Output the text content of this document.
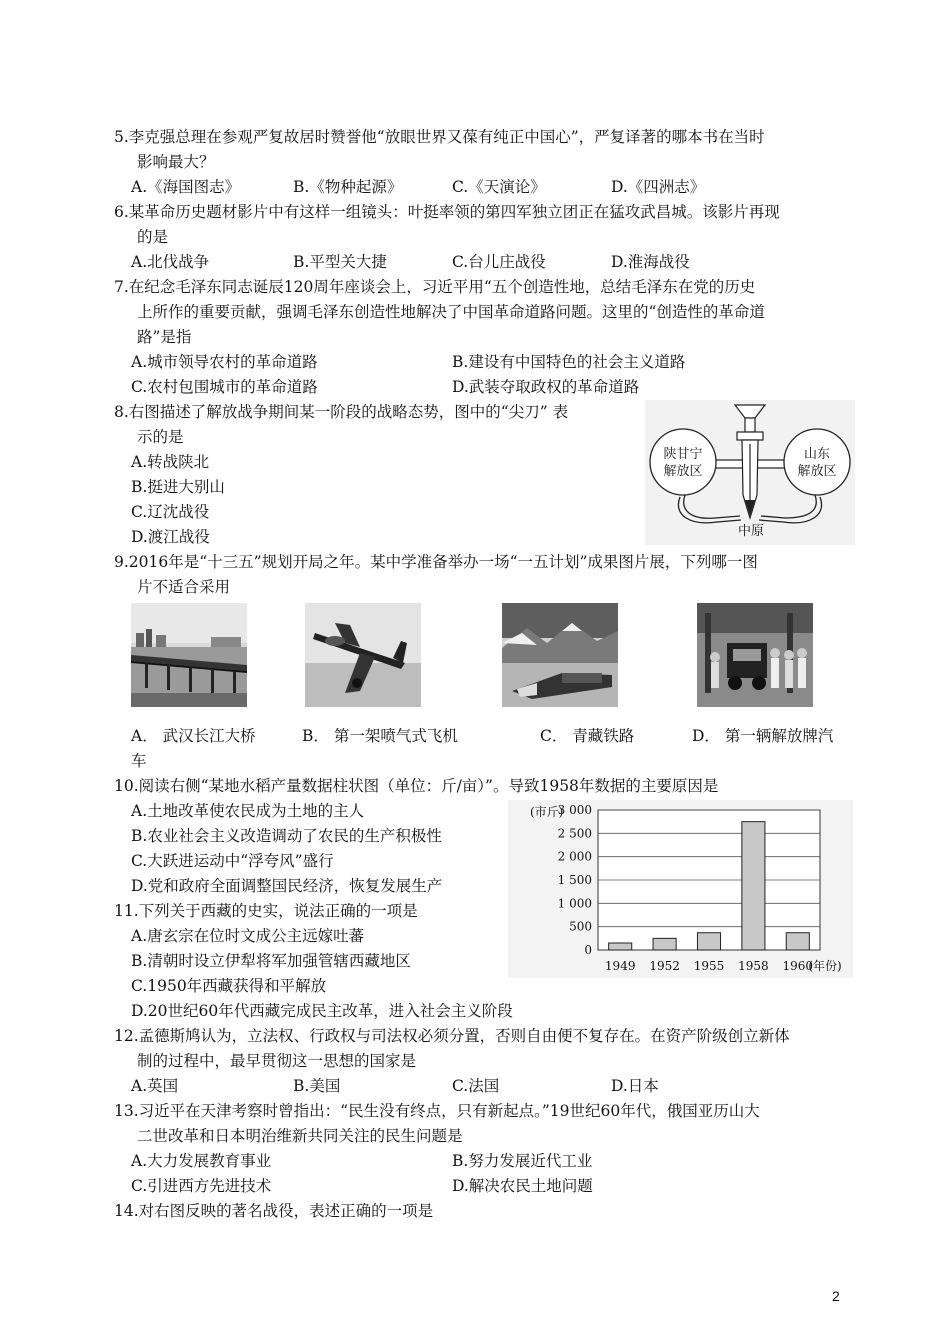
5.李克强总理在参观严复故居时赞誉他“放眼世界又葆有纯正中国心”，严复译著的哪本书在当时
影响最大？
A.《海国图志》	B.《物种起源》	C.《天演论》	D.《四洲志》
6.某革命历史题材影片中有这样一组镜头：叶挺率领的第四军独立团正在猛攻武昌城。该影片再现
的是
A.北伐战争	B.平型关大捷	C.台儿庄战役	D.淮海战役
7.在纪念毛泽东同志诞辰120周年座谈会上，习近平用“五个创造性地，总结毛泽东在党的历史
上所作的重要贡献，强调毛泽东创造性地解决了中国革命道路问题。这里的“创造性的革命道
路”是指
A.城市领导农村的革命道路	B.建设有中国特色的社会主义道路
C.农村包围城市的革命道路	D.武装夺取政权的革命道路
8.右图描述了解放战争期间某一阶段的战略态势，图中的“尖刀” 表
示的是
A.转战陕北
B.挺进大别山
C.辽沈战役
D.渡江战役
陕甘宁
解放区
山东
解放区
中原
9.2016年是“十三五”规划开局之年。某中学准备举办一场“一五计划”成果图片展，下列哪一图
片不适合采用
A． 武汉长江大桥	B． 第一架喷气式飞机	C． 青藏铁路	D． 第一辆解放牌汽
车
10.阅读右侧“某地水稻产量数据柱状图（单位：斤/亩）”。导致1958年数据的主要原因是
A.土地改革使农民成为土地的主人
B.农业社会主义改造调动了农民的生产积极性
C.大跃进运动中“浮夸风”盛行
D.党和政府全面调整国民经济，恢复发展生产
(市斤)
(年份)
0
500
1 000
1 500
2 000
2 500
3 000
1949 1952 1955 1958 1960
11.下列关于西藏的史实，说法正确的一项是
A.唐玄宗在位时文成公主远嫁吐蕃
B.清朝时设立伊犁将军加强管辖西藏地区
C.1950年西藏获得和平解放
D.20世纪60年代西藏完成民主改革，进入社会主义阶段
12.孟德斯鸠认为，立法权、行政权与司法权必须分置，否则自由便不复存在。在资产阶级创立新体
制的过程中，最早贯彻这一思想的国家是
A.英国	B.美国	C.法国	D.日本
13.习近平在天津考察时曾指出：“民生没有终点，只有新起点。”19世纪60年代，俄国亚历山大
二世改革和日本明治维新共同关注的民生问题是
A.大力发展教育事业	B.努力发展近代工业
C.引进西方先进技术	D.解决农民土地问题
14.对右图反映的著名战役，表述正确的一项是
2
